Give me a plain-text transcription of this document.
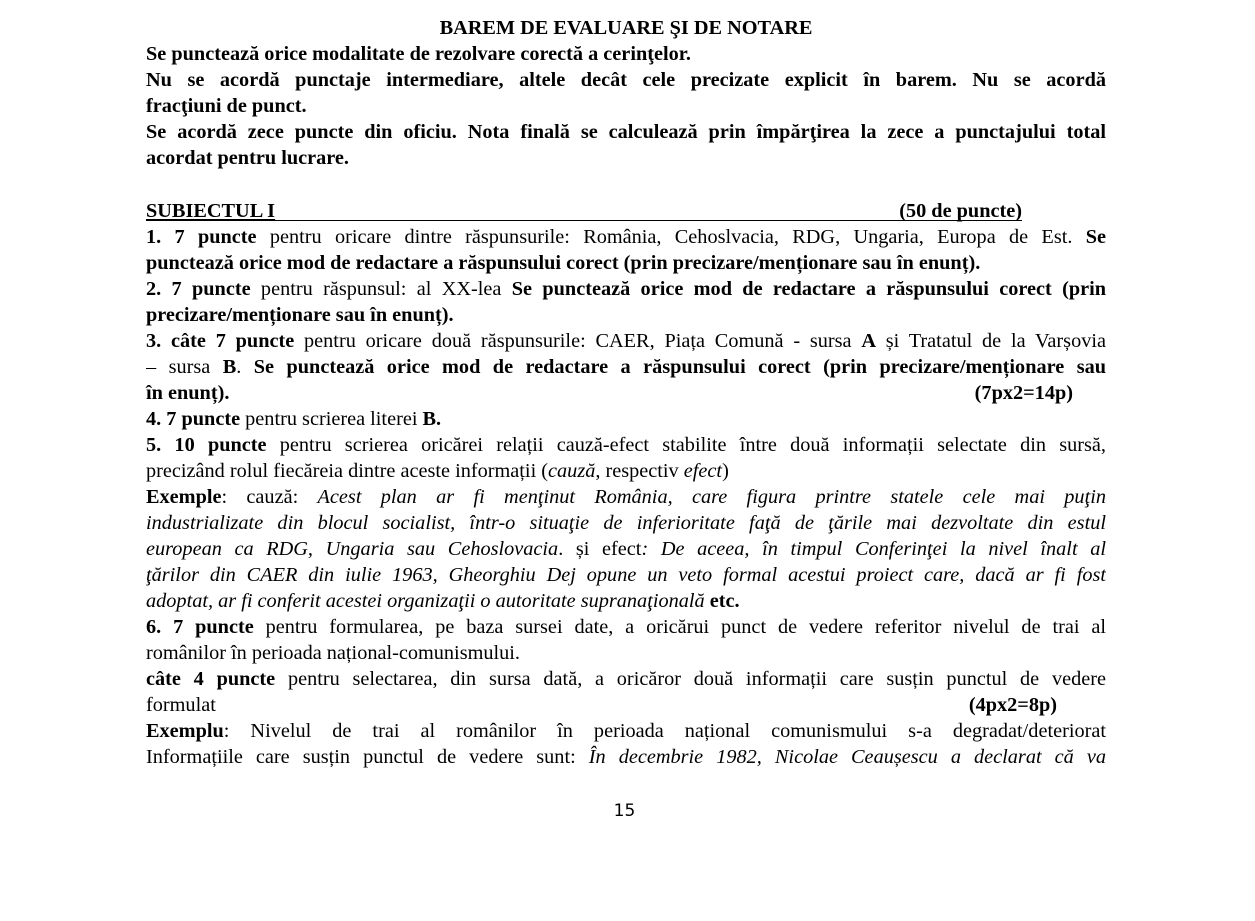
BAREM DE EVALUARE ŞI DE NOTARE
Se punctează orice modalitate de rezolvare corectă a cerinţelor.
Nu se acordă punctaje intermediare, altele decât cele precizate explicit în barem. Nu se acordă
fracţiuni de punct.
Se acordă zece puncte din oficiu. Nota finală se calculează prin împărţirea la zece a punctajului total
acordat pentru lucrare.
SUBIECTUL I	(50 de puncte)
1. 7 puncte pentru oricare dintre răspunsurile: România, Cehoslvacia, RDG, Ungaria, Europa de Est. Se
punctează orice mod de redactare a răspunsului corect (prin precizare/menționare sau în enunț).
2. 7 puncte pentru răspunsul: al XX-lea Se punctează orice mod de redactare a răspunsului corect (prin
precizare/menționare sau în enunț).
3. câte 7 puncte pentru oricare două răspunsurile: CAER, Piața Comună - sursa A și Tratatul de la Varșovia
– sursa B. Se punctează orice mod de redactare a răspunsului corect (prin precizare/menționare sau
în enunț).	(7px2=14p)
4. 7 puncte pentru scrierea literei B.
5. 10 puncte pentru scrierea oricărei relații cauză-efect stabilite între două informații selectate din sursă,
precizând rolul fiecăreia dintre aceste informații (cauză, respectiv efect)
Exemple: cauză: Acest plan ar fi menţinut România, care figura printre statele cele mai puţin
industrializate din blocul socialist, într-o situaţie de inferioritate faţă de ţările mai dezvoltate din estul
european ca RDG, Ungaria sau Cehoslovacia. și efect: De aceea, în timpul Conferinţei la nivel înalt al
ţărilor din CAER din iulie 1963, Gheorghiu Dej opune un veto formal acestui proiect care, dacă ar fi fost
adoptat, ar fi conferit acestei organizaţii o autoritate supranaţională etc.
6. 7 puncte pentru formularea, pe baza sursei date, a oricărui punct de vedere referitor nivelul de trai al
românilor în perioada național-comunismului.
câte 4 puncte pentru selectarea, din sursa dată, a oricăror două informații care susțin punctul de vedere
formulat	(4px2=8p)
Exemplu: Nivelul de trai al românilor în perioada național comunismului s-a degradat/deteriorat
Informațiile care susțin punctul de vedere sunt: În decembrie 1982, Nicolae Ceaușescu a declarat că va
15
